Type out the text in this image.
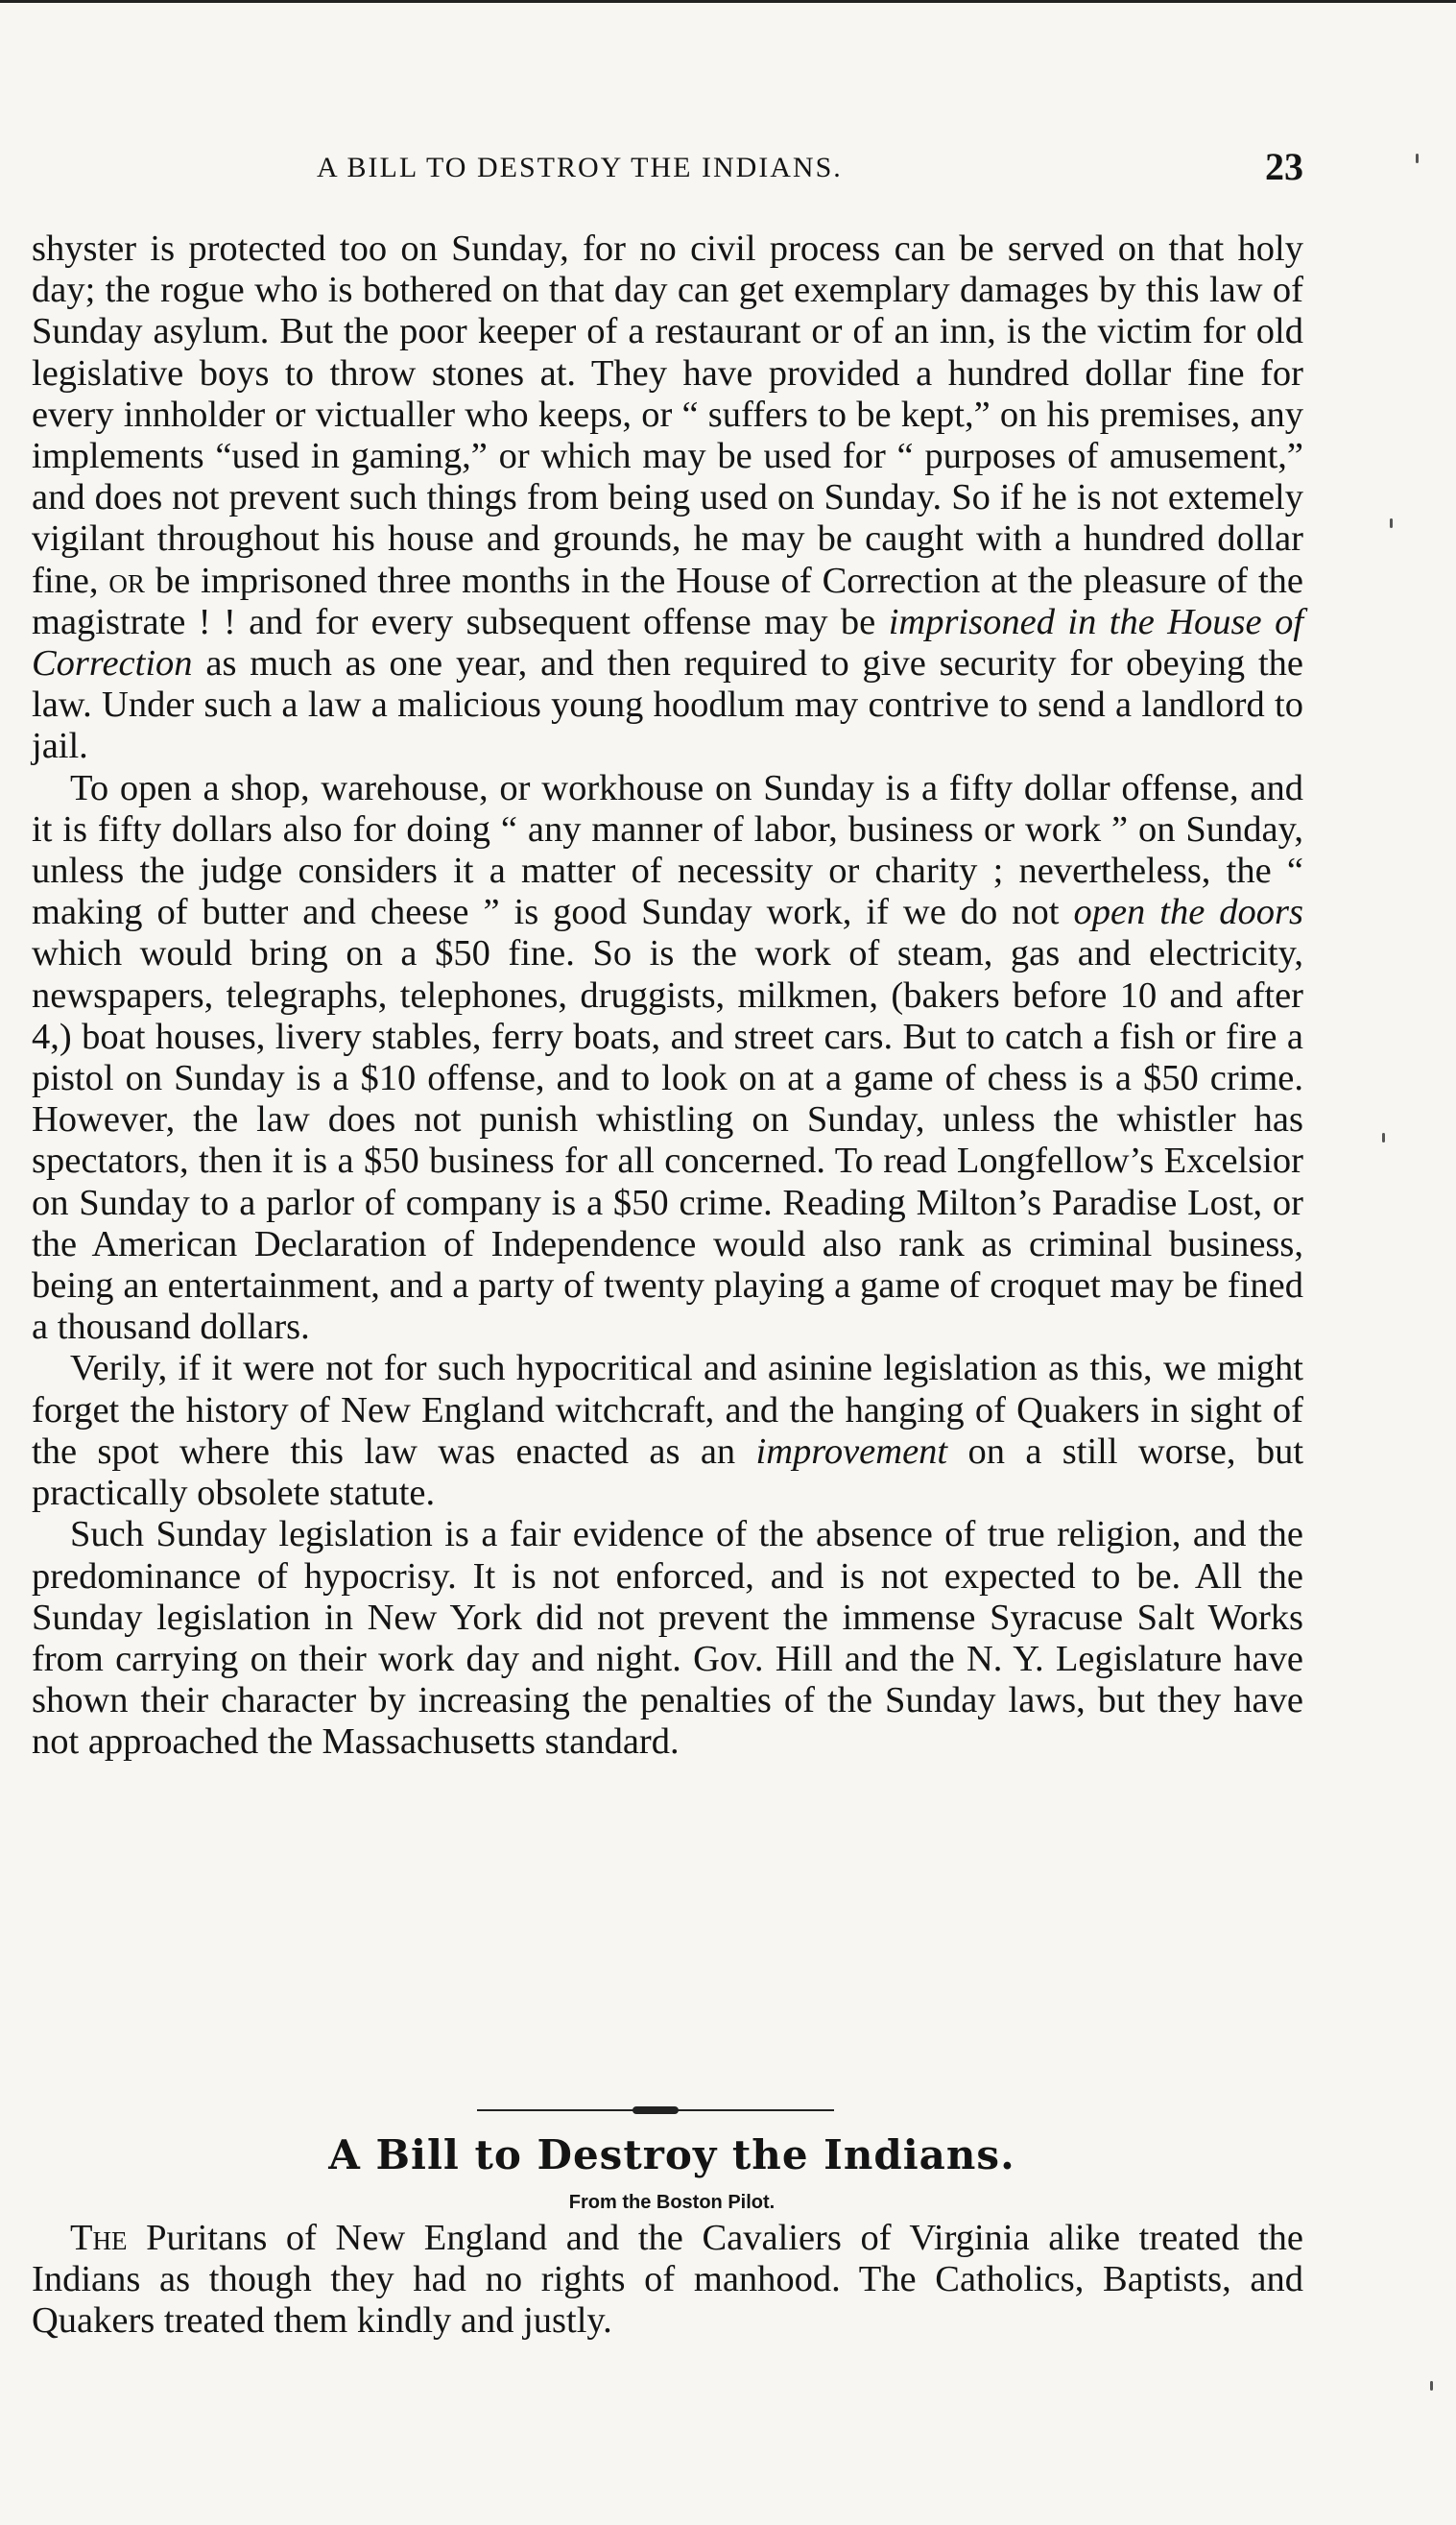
A BILL TO DESTROY THE INDIANS.	23

shyster is protected too on Sunday, for no civil process can be served on that holy day; the rogue who is bothered on that day can get exemplary damages by this law of Sunday asylum. But the poor keeper of a restaurant or of an inn, is the victim for old legislative boys to throw stones at. They have provided a hundred dollar fine for every innholder or victualler who keeps, or “ suffers to be kept,” on his premises, any implements “used in gaming,” or which may be used for “ purposes of amusement,” and does not prevent such things from being used on Sunday. So if he is not extemely vigilant throughout his house and grounds, he may be caught with a hundred dollar fine, or be imprisoned three months in the House of Correction at the pleasure of the magistrate ! ! and for every subsequent offense may be imprisoned in the House of Correction as much as one year, and then required to give security for obeying the law. Under such a law a malicious young hoodlum may contrive to send a landlord to jail.

To open a shop, warehouse, or workhouse on Sunday is a fifty dollar offense, and it is fifty dollars also for doing “ any manner of labor, business or work ” on Sunday, unless the judge considers it a matter of necessity or charity ; nevertheless, the “ making of butter and cheese ” is good Sunday work, if we do not open the doors which would bring on a $50 fine. So is the work of steam, gas and electricity, newspapers, telegraphs, telephones, druggists, milkmen, (bakers before 10 and after 4,) boat houses, livery stables, ferry boats, and street cars. But to catch a fish or fire a pistol on Sunday is a $10 offense, and to look on at a game of chess is a $50 crime. However, the law does not punish whistling on Sunday, unless the whistler has spectators, then it is a $50 business for all concerned. To read Longfellow’s Excelsior on Sunday to a parlor of company is a $50 crime. Reading Milton’s Paradise Lost, or the American Declaration of Independence would also rank as criminal business, being an entertainment, and a party of twenty playing a game of croquet may be fined a thousand dollars.

Verily, if it were not for such hypocritical and asinine legislation as this, we might forget the history of New England witchcraft, and the hanging of Quakers in sight of the spot where this law was enacted as an improvement on a still worse, but practically obsolete statute.

Such Sunday legislation is a fair evidence of the absence of true religion, and the predominance of hypocrisy. It is not enforced, and is not expected to be. All the Sunday legislation in New York did not prevent the immense Syracuse Salt Works from carrying on their work day and night. Gov. Hill and the N. Y. Legislature have shown their character by increasing the penalties of the Sunday laws, but they have not approached the Massachusetts standard.

A Bill to Destroy the Indians.
From the Boston Pilot.

The Puritans of New England and the Cavaliers of Virginia alike treated the Indians as though they had no rights of manhood. The Catholics, Baptists, and Quakers treated them kindly and justly.
